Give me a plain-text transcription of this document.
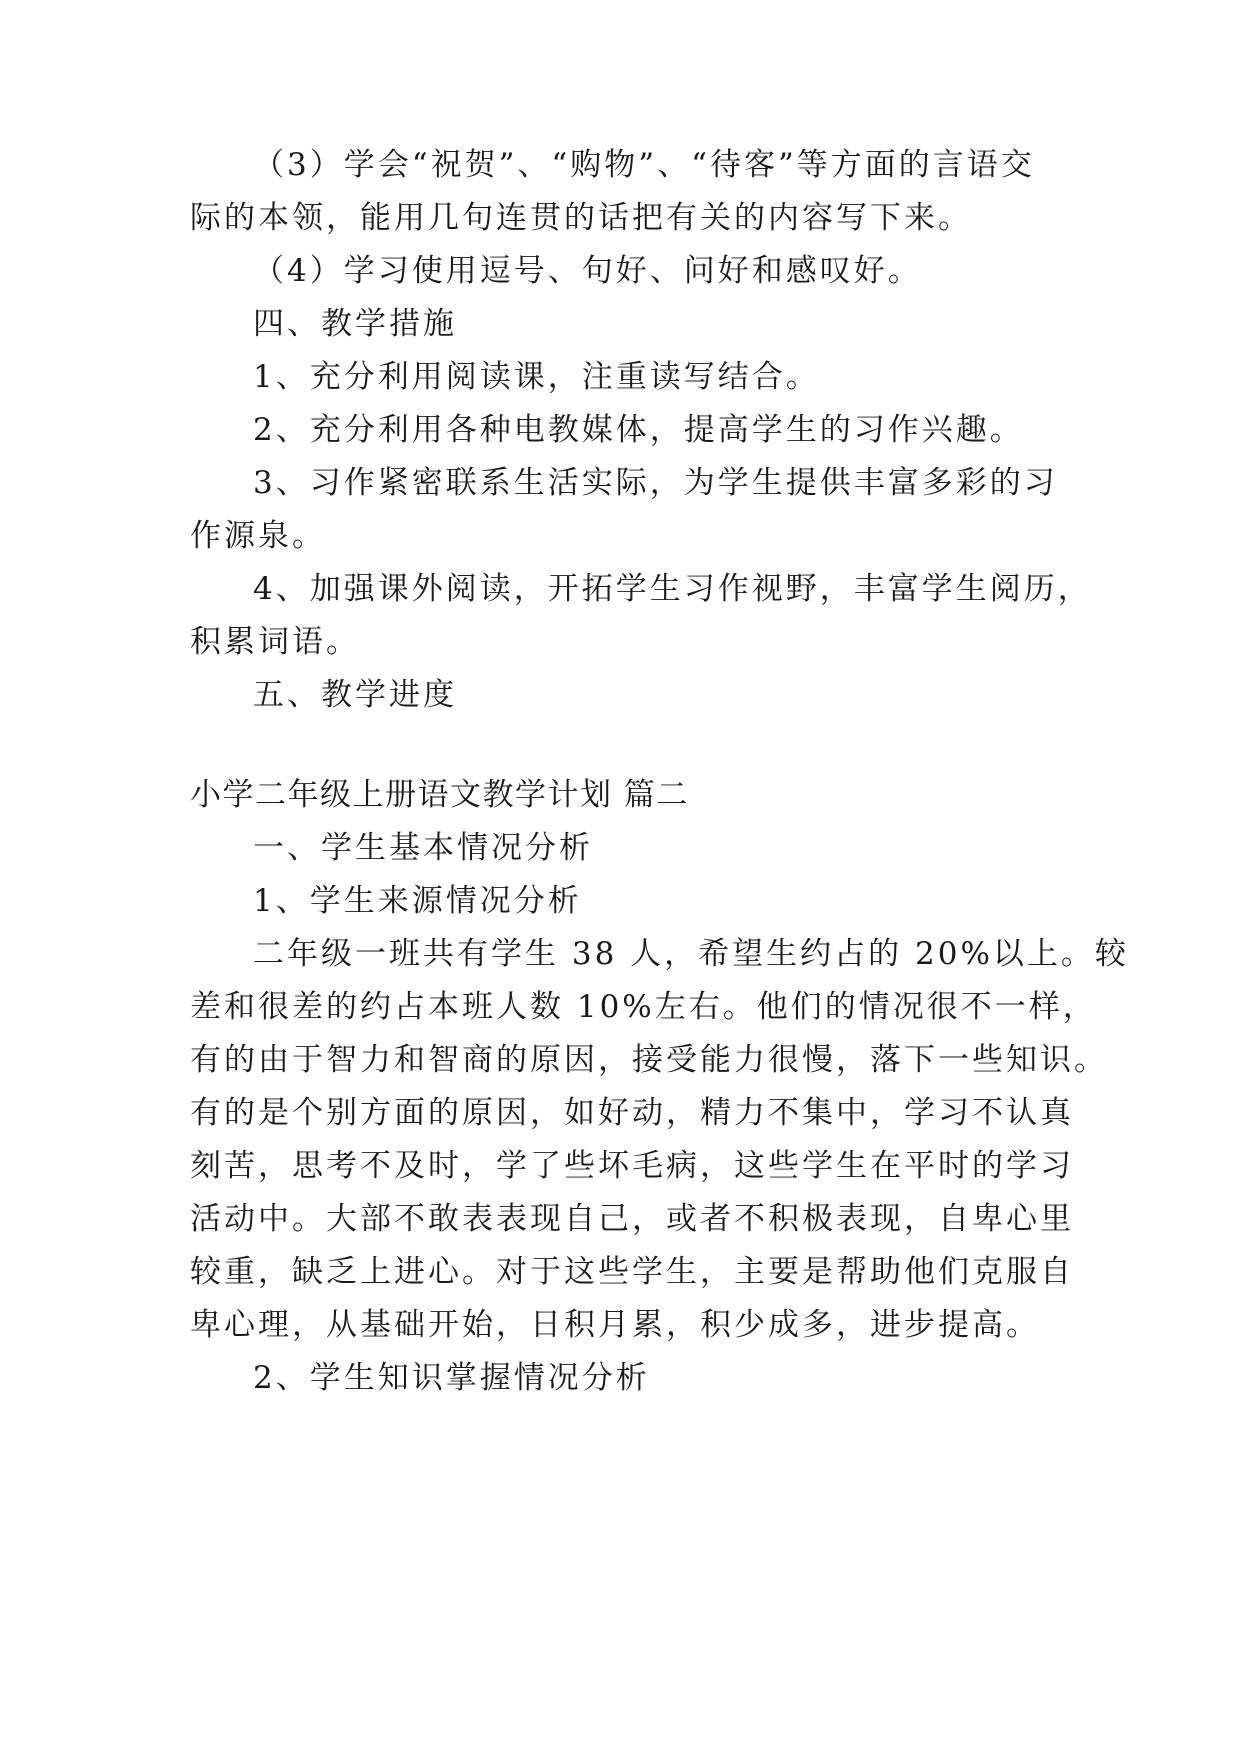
（3）学会“祝贺”、“购物”、“待客”等方面的言语交
际的本领，能用几句连贯的话把有关的内容写下来。
（4）学习使用逗号、句好、问好和感叹好。
四、教学措施
1、充分利用阅读课，注重读写结合。
2、充分利用各种电教媒体，提高学生的习作兴趣。
3、习作紧密联系生活实际，为学生提供丰富多彩的习
作源泉。
4、加强课外阅读，开拓学生习作视野，丰富学生阅历，
积累词语。
五、教学进度
小学二年级上册语文教学计划 篇二
一、学生基本情况分析
1、学生来源情况分析
二年级一班共有学生 38 人，希望生约占的 20%以上。较
差和很差的约占本班人数 10%左右。他们的情况很不一样，
有的由于智力和智商的原因，接受能力很慢，落下一些知识。
有的是个别方面的原因，如好动，精力不集中，学习不认真
刻苦，思考不及时，学了些坏毛病，这些学生在平时的学习
活动中。大部不敢表表现自己，或者不积极表现，自卑心里
较重，缺乏上进心。对于这些学生，主要是帮助他们克服自
卑心理，从基础开始，日积月累，积少成多，进步提高。
2、学生知识掌握情况分析
